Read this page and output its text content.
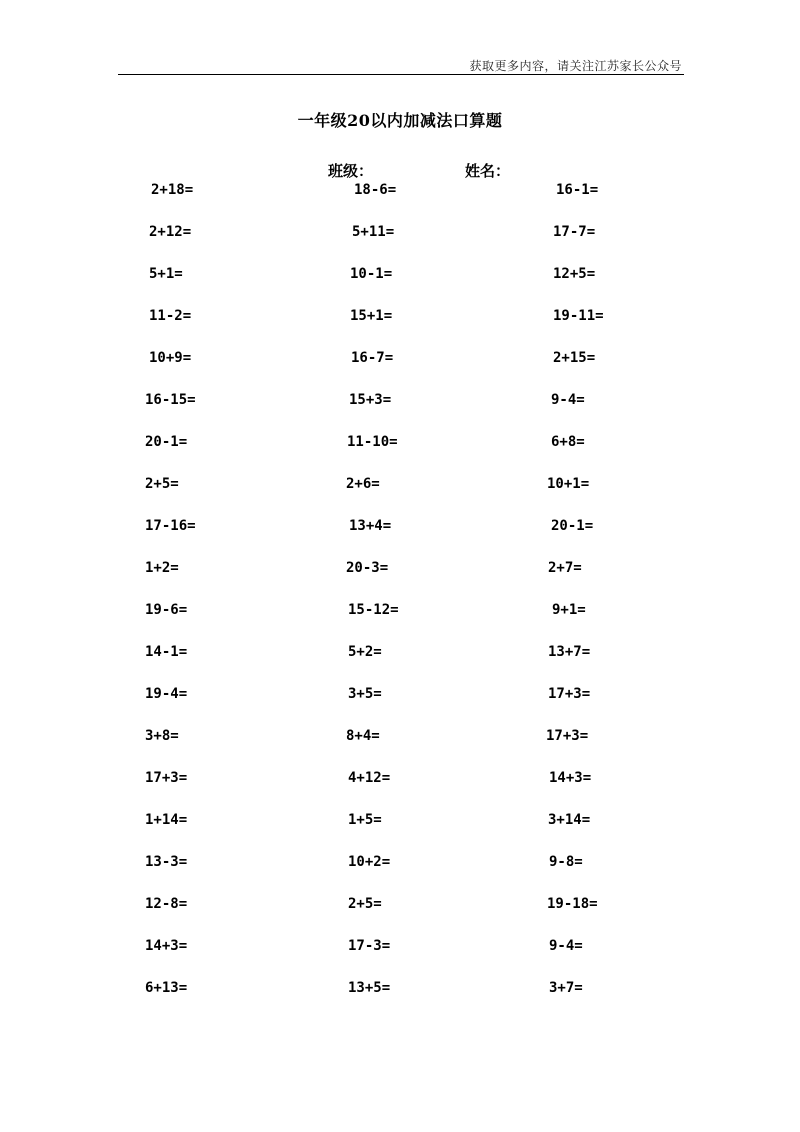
获取更多内容，请关注江苏家长公众号
一年级20以内加减法口算题
班级：	姓名：
2+18=
2+12=
5+1=
11-2=
10+9=
16-15=
20-1=
2+5=
17-16=
1+2=
19-6=
14-1=
19-4=
3+8=
17+3=
1+14=
13-3=
12-8=
14+3=
6+13=
18-6=
5+11=
10-1=
15+1=
16-7=
15+3=
11-10=
2+6=
13+4=
20-3=
15-12=
5+2=
3+5=
8+4=
4+12=
1+5=
10+2=
2+5=
17-3=
13+5=
16-1=
17-7=
12+5=
19-11=
2+15=
9-4=
6+8=
10+1=
20-1=
2+7=
9+1=
13+7=
17+3=
17+3=
14+3=
3+14=
9-8=
19-18=
9-4=
3+7=
